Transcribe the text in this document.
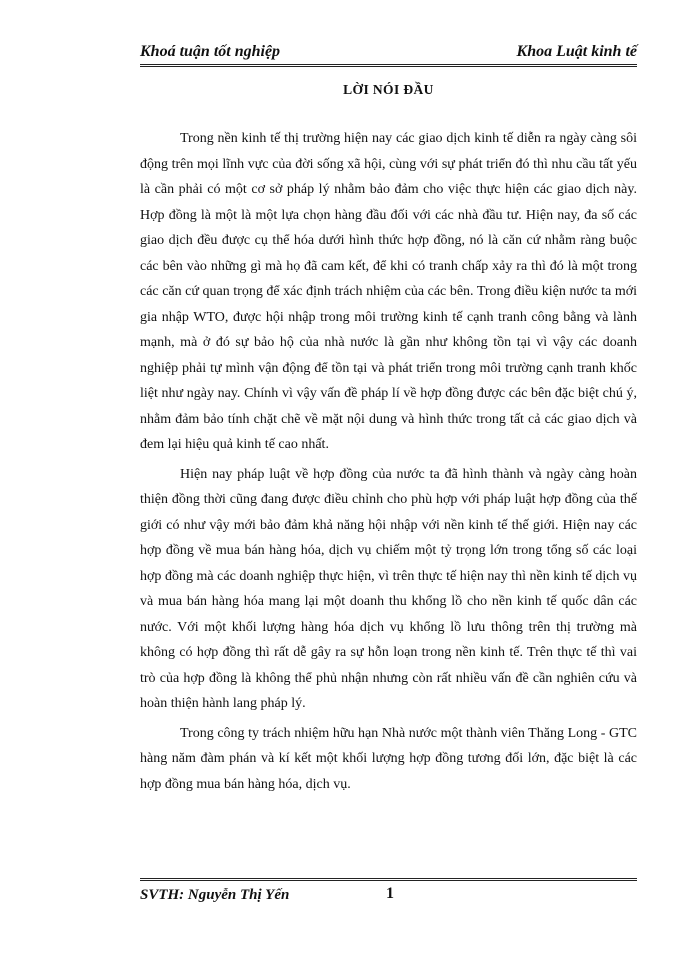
Khoá tuận tốt nghiệp	Khoa Luật kinh tế
LỜI NÓI ĐẦU

Trong nền kinh tế thị trường hiện nay các giao dịch kinh tế diễn ra ngày càng sôi động trên mọi lĩnh vực của đời sống xã hội, cùng với sự phát triển đó thì nhu cầu tất yếu là cần phải có một cơ sở pháp lý nhằm bảo đảm cho việc thực hiện các giao dịch này. Hợp đồng là một là một lựa chọn hàng đầu đối với các nhà đầu tư. Hiện nay, đa số các giao dịch đều được cụ thể hóa dưới hình thức hợp đồng, nó là căn cứ nhằm ràng buộc các bên vào những gì mà họ đã cam kết, để khi có tranh chấp xảy ra thì đó là một trong các căn cứ quan trọng để xác định trách nhiệm của các bên. Trong điều kiện nước ta mới gia nhập WTO, được hội nhập trong môi trường kinh tế cạnh tranh công bằng và lành mạnh, mà ở đó sự bảo hộ của nhà nước là gần như không tồn tại vì vậy các doanh nghiệp phải tự mình vận động để tồn tại và phát triển trong môi trường cạnh tranh khốc liệt như ngày nay. Chính vì vậy vấn đề pháp lí về hợp đồng được các bên đặc biệt chú ý, nhằm đảm bảo tính chặt chẽ về mặt nội dung và hình thức trong tất cả các giao dịch và đem lại hiệu quả kinh tế cao nhất.

Hiện nay pháp luật về hợp đồng của nước ta đã hình thành và ngày càng hoàn thiện đồng thời cũng đang được điều chỉnh cho phù hợp với pháp luật hợp đồng của thế giới có như vậy mới bảo đảm khả năng hội nhập với nền kinh tế thế giới. Hiện nay các hợp đồng về mua bán hàng hóa, dịch vụ chiếm một tỷ trọng lớn trong tổng số các loại hợp đồng mà các doanh nghiệp thực hiện, vì trên thực tế hiện nay thì nền kinh tế dịch vụ và mua bán hàng hóa mang lại một doanh thu khổng lồ cho nền kinh tế quốc dân các nước. Với một khối lượng hàng hóa dịch vụ khổng lồ lưu thông trên thị trường mà không có hợp đồng thì rất dễ gây ra sự hỗn loạn trong nền kinh tế. Trên thực tế thì vai trò của hợp đồng là không thể phủ nhận nhưng còn rất nhiều vấn đề cần nghiên cứu và hoàn thiện hành lang pháp lý.

Trong công ty trách nhiệm hữu hạn Nhà nước một thành viên Thăng Long - GTC hàng năm đàm phán và kí kết một khối lượng hợp đồng tương đối lớn, đặc biệt là các hợp đồng mua bán hàng hóa, dịch vụ.

SVTH: Nguyễn Thị Yến	1
